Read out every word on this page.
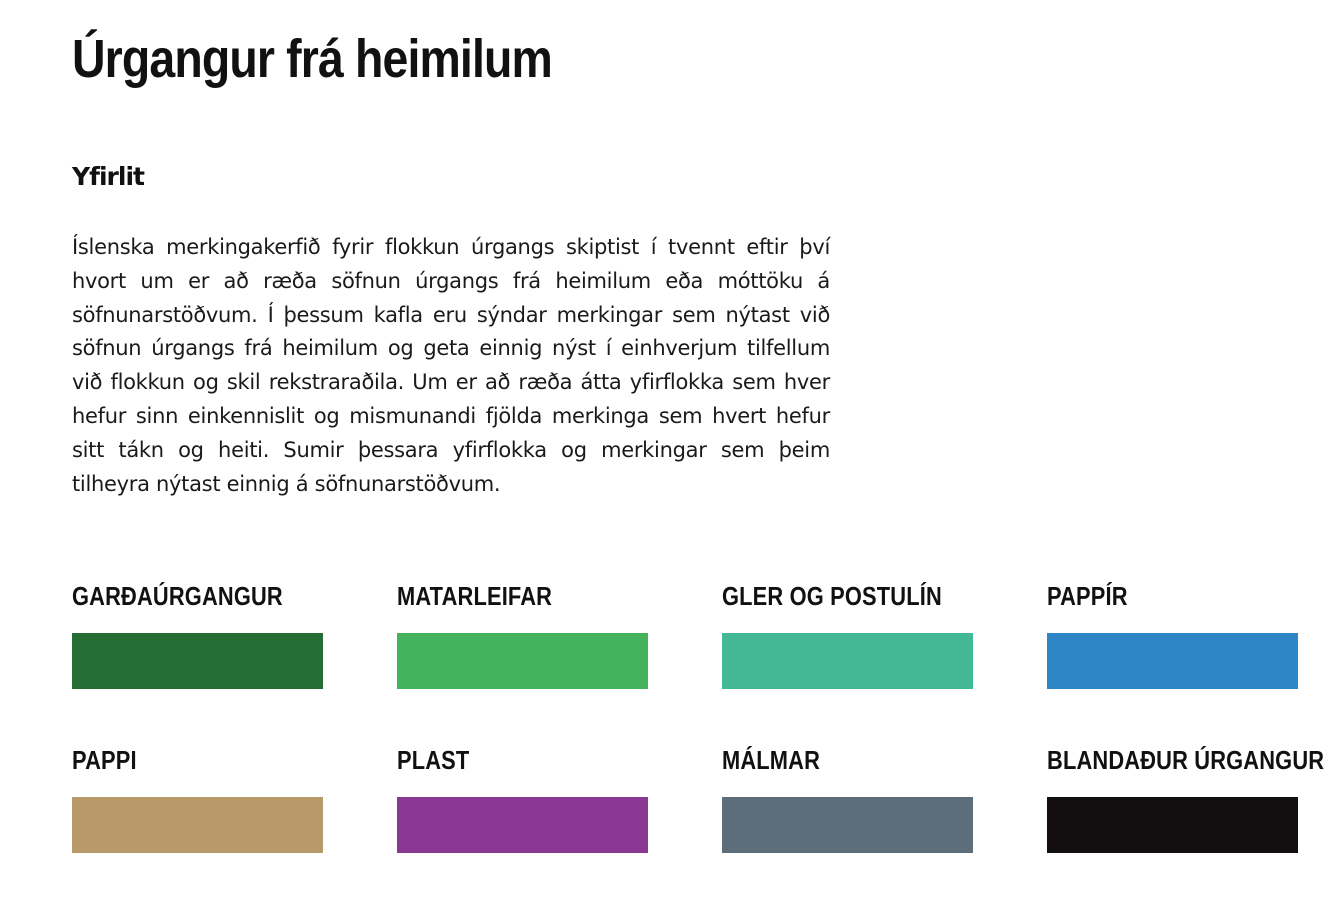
Úrgangur frá heimilum
Yfirlit

Íslenska merkingakerfið fyrir flokkun úrgangs skiptist í tvennt eftir því hvort um er að ræða söfnun úrgangs frá heimilum eða móttöku á söfnunarstöðvum. Í þessum kafla eru sýndar merkingar sem nýtast við söfnun úrgangs frá heimilum og geta einnig nýst í einhverjum tilfellum við flokkun og skil rekstraraðila. Um er að ræða átta yfirflokka sem hver hefur sinn einkennislit og mismunandi fjölda merkinga sem hvert hefur sitt tákn og heiti. Sumir þessara yfirflokka og merkingar sem þeim tilheyra nýtast einnig á söfnunarstöðvum.

GARÐAÚRGANGUR	MATARLEIFAR	GLER OG POSTULÍN	PAPPÍR
PAPPI	PLAST	MÁLMAR	BLANDAÐUR ÚRGANGUR
